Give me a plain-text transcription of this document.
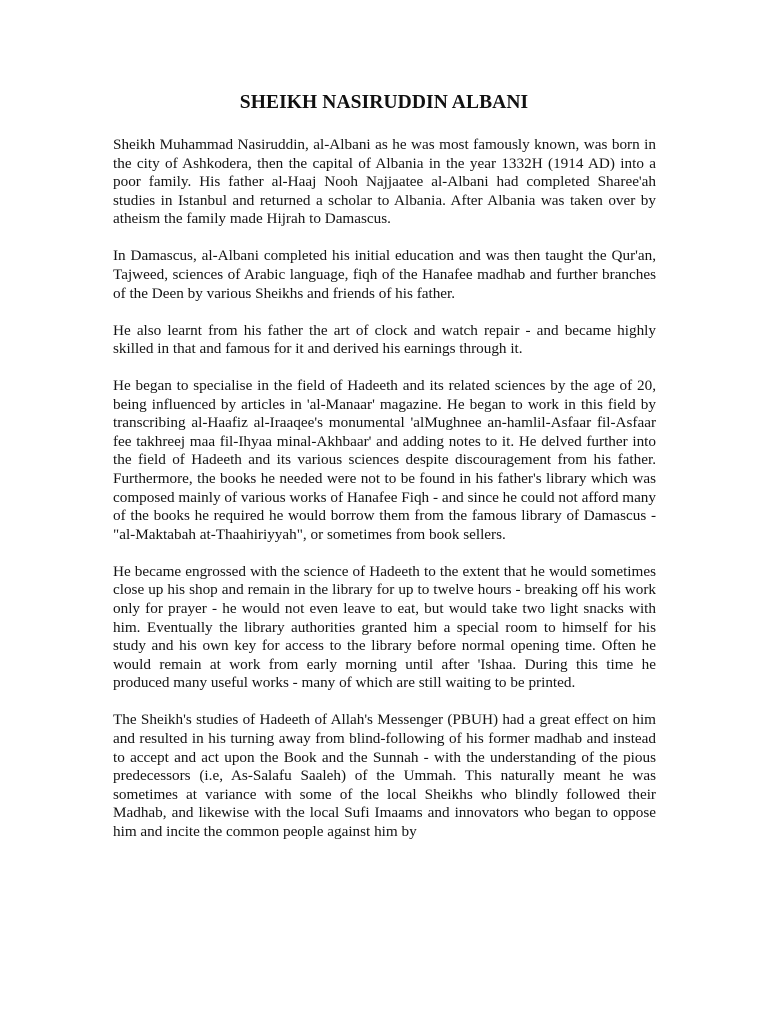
SHEIKH NASIRUDDIN ALBANI

Sheikh Muhammad Nasiruddin, al-Albani as he was most famously known, was born in the city of Ashkodera, then the capital of Albania in the year 1332H (1914 AD) into a poor family. His father al-Haaj Nooh Najjaatee al-Albani had completed Sharee'ah studies in Istanbul and returned a scholar to Albania. After Albania was taken over by atheism the family made Hijrah to Damascus.

In Damascus, al-Albani completed his initial education and was then taught the Qur'an, Tajweed, sciences of Arabic language, fiqh of the Hanafee madhab and further branches of the Deen by various Sheikhs and friends of his father.

He also learnt from his father the art of clock and watch repair - and became highly skilled in that and famous for it and derived his earnings through it.

He began to specialise in the field of Hadeeth and its related sciences by the age of 20, being influenced by articles in 'al-Manaar' magazine. He began to work in this field by transcribing al-Haafiz al-Iraaqee's monumental 'alMughnee an-hamlil-Asfaar fil-Asfaar fee takhreej maa fil-Ihyaa minal-Akhbaar' and adding notes to it. He delved further into the field of Hadeeth and its various sciences despite discouragement from his father. Furthermore, the books he needed were not to be found in his father's library which was composed mainly of various works of Hanafee Fiqh - and since he could not afford many of the books he required he would borrow them from the famous library of Damascus - "al-Maktabah at-Thaahiriyyah", or sometimes from book sellers.

He became engrossed with the science of Hadeeth to the extent that he would sometimes close up his shop and remain in the library for up to twelve hours - breaking off his work only for prayer - he would not even leave to eat, but would take two light snacks with him. Eventually the library authorities granted him a special room to himself for his study and his own key for access to the library before normal opening time. Often he would remain at work from early morning until after 'Ishaa. During this time he produced many useful works - many of which are still waiting to be printed.

The Sheikh's studies of Hadeeth of Allah's Messenger (PBUH) had a great effect on him and resulted in his turning away from blind-following of his former madhab and instead to accept and act upon the Book and the Sunnah - with the understanding of the pious predecessors (i.e, As-Salafu Saaleh) of the Ummah. This naturally meant he was sometimes at variance with some of the local Sheikhs who blindly followed their Madhab, and likewise with the local Sufi Imaams and innovators who began to oppose him and incite the common people against him by
